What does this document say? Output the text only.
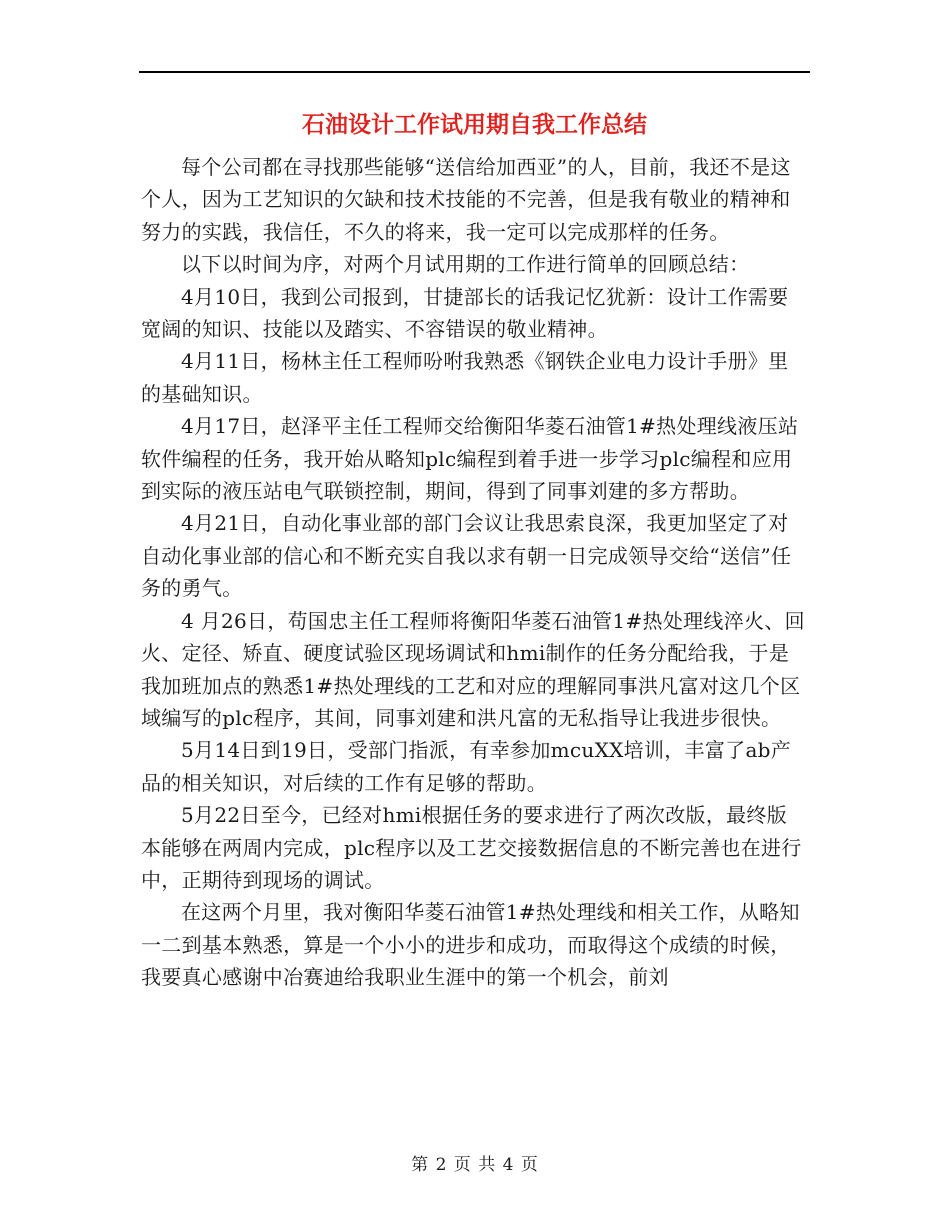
石油设计工作试用期自我工作总结

每个公司都在寻找那些能够“送信给加西亚”的人，目前，我还不是这个人，因为工艺知识的欠缺和技术技能的不完善，但是我有敬业的精神和努力的实践，我信任，不久的将来，我一定可以完成那样的任务。

以下以时间为序，对两个月试用期的工作进行简单的回顾总结：

4月10日，我到公司报到，甘捷部长的话我记忆犹新：设计工作需要宽阔的知识、技能以及踏实、不容错误的敬业精神。

4月11日，杨林主任工程师吩咐我熟悉《钢铁企业电力设计手册》里的基础知识。

4月17日，赵泽平主任工程师交给衡阳华菱石油管1#热处理线液压站软件编程的任务，我开始从略知plc编程到着手进一步学习plc编程和应用到实际的液压站电气联锁控制，期间，得到了同事刘建的多方帮助。

4月21日，自动化事业部的部门会议让我思索良深，我更加坚定了对自动化事业部的信心和不断充实自我以求有朝一日完成领导交给“送信”任务的勇气。

4 月26日，苟国忠主任工程师将衡阳华菱石油管1#热处理线淬火、回火、定径、矫直、硬度试验区现场调试和hmi制作的任务分配给我，于是我加班加点的熟悉1#热处理线的工艺和对应的理解同事洪凡富对这几个区域编写的plc程序，其间，同事刘建和洪凡富的无私指导让我进步很快。

5月14日到19日，受部门指派，有幸参加mcuXX培训，丰富了ab产品的相关知识，对后续的工作有足够的帮助。

5月22日至今，已经对hmi根据任务的要求进行了两次改版，最终版本能够在两周内完成，plc程序以及工艺交接数据信息的不断完善也在进行中，正期待到现场的调试。

在这两个月里，我对衡阳华菱石油管1#热处理线和相关工作，从略知一二到基本熟悉，算是一个小小的进步和成功，而取得这个成绩的时候，我要真心感谢中冶赛迪给我职业生涯中的第一个机会，前刘

第 2 页 共 4 页
